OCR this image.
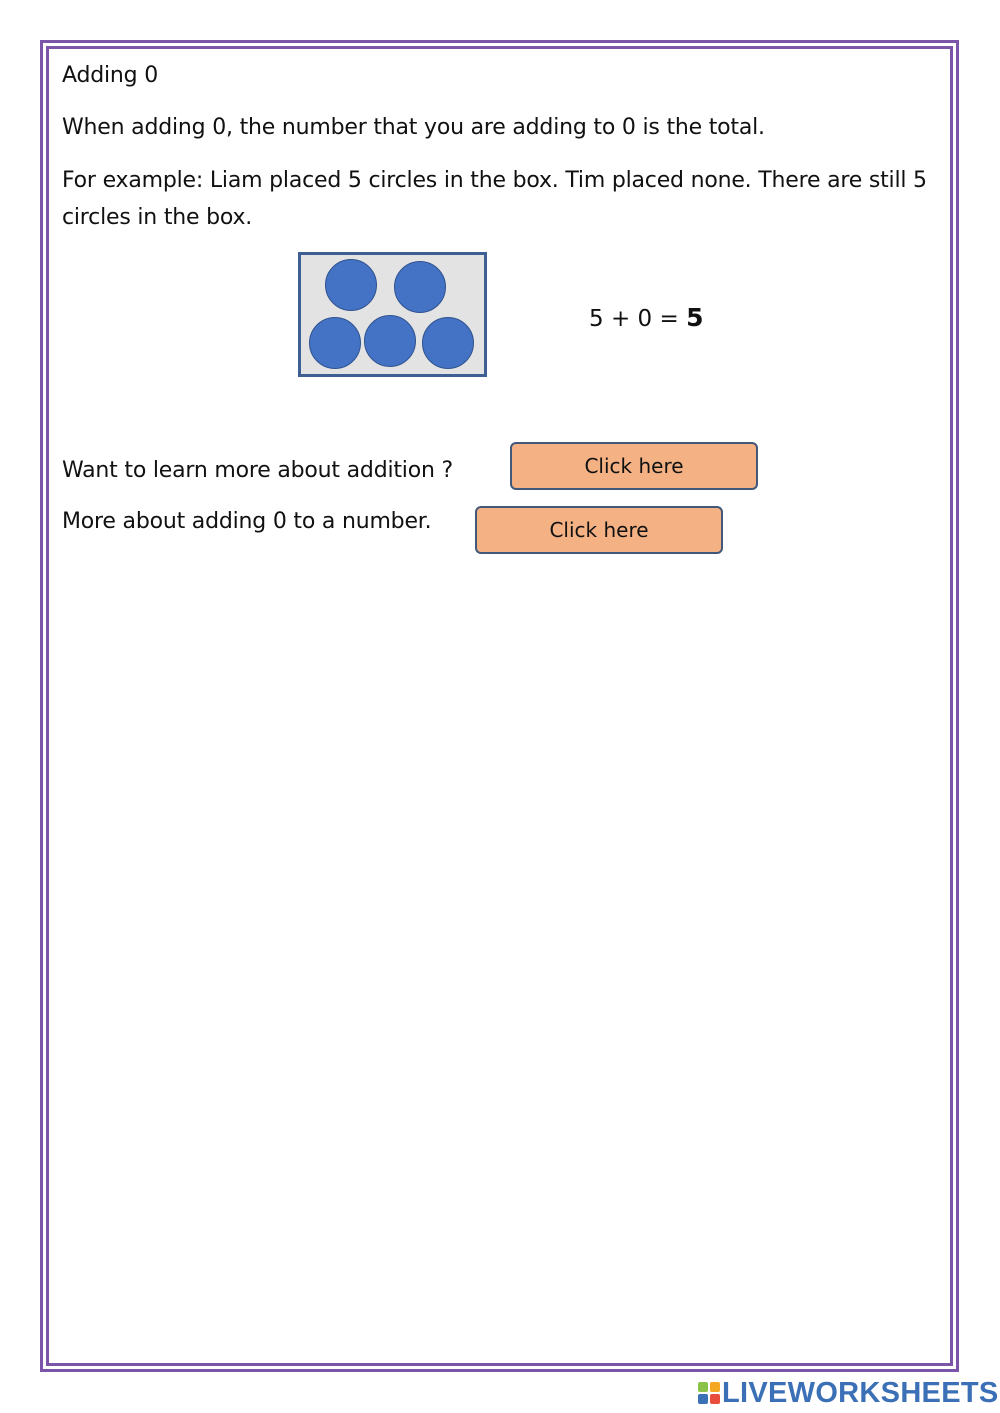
Adding 0
When adding 0, the number that you are adding to 0 is the total.
For example: Liam placed 5 circles in the box. Tim placed none. There are still 5 circles in the box.
5 + 0 = 5
Want to learn more about addition ?	Click here
More about adding 0 to a number.	Click here
LIVEWORKSHEETS
